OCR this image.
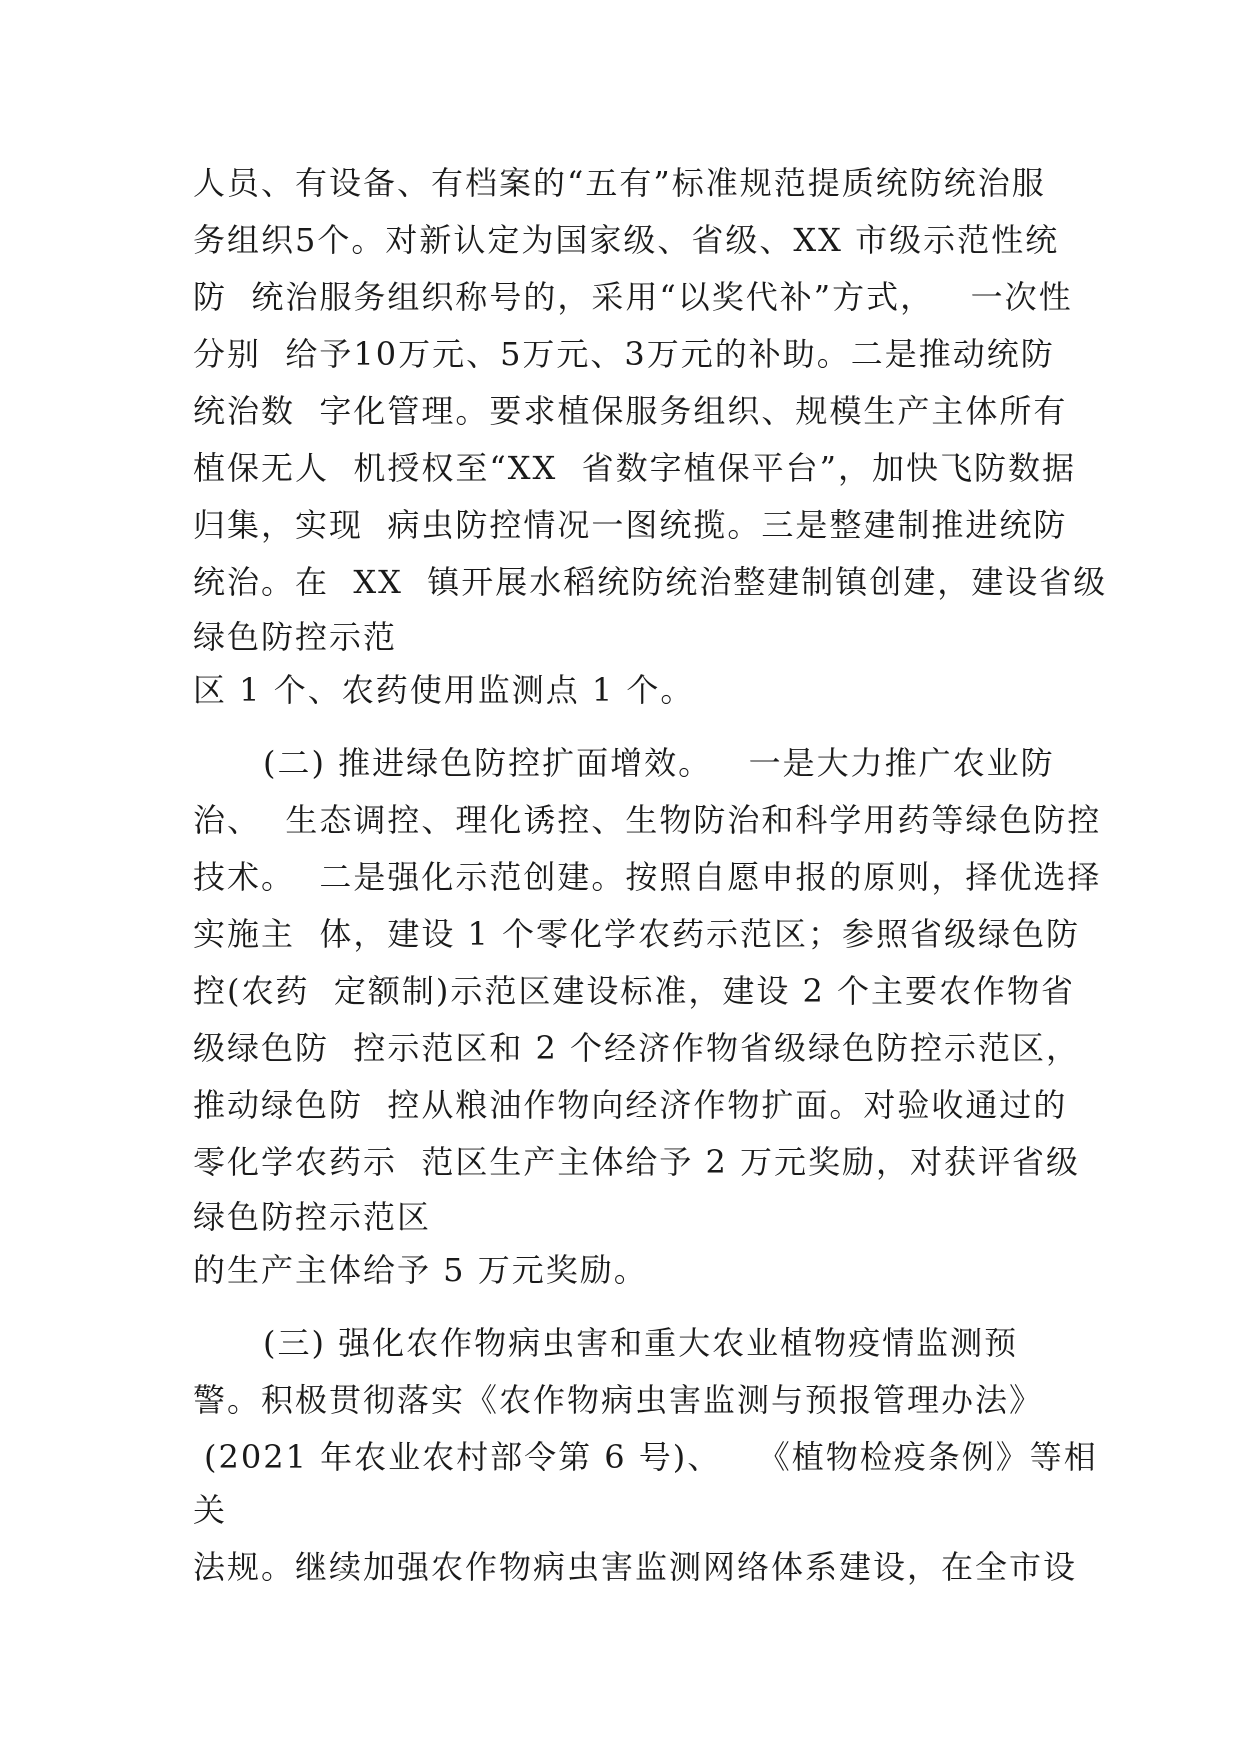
人员、有设备、有档案的“五有”标准规范提质统防统治服

务组织5个。对新认定为国家级、省级、XX 市级示范性统

防  统治服务组织称号的，采用“以奖代补”方式，   一次性

分别  给予10万元、5万元、3万元的补助。二是推动统防

统治数  字化管理。要求植保服务组织、规模生产主体所有

植保无人  机授权至“XX  省数字植保平台”，加快飞防数据

归集，实现  病虫防控情况一图统揽。三是整建制推进统防

统治。在  XX  镇开展水稻统防统治整建制镇创建，建设省级

绿色防控示范

区 1 个、农药使用监测点 1 个。

(二) 推进绿色防控扩面增效。   一是大力推广农业防

治、  生态调控、理化诱控、生物防治和科学用药等绿色防控

技术。  二是强化示范创建。按照自愿申报的原则，择优选择

实施主  体，建设 1 个零化学农药示范区；参照省级绿色防

控(农药  定额制)示范区建设标准，建设 2 个主要农作物省

级绿色防  控示范区和 2 个经济作物省级绿色防控示范区，

推动绿色防  控从粮油作物向经济作物扩面。对验收通过的

零化学农药示  范区生产主体给予 2 万元奖励，对获评省级

绿色防控示范区

的生产主体给予 5 万元奖励。

(三) 强化农作物病虫害和重大农业植物疫情监测预

警。积极贯彻落实《农作物病虫害监测与预报管理办法》

(2021 年农业农村部令第 6 号)、   《植物检疫条例》等相

关

法规。继续加强农作物病虫害监测网络体系建设，在全市设
